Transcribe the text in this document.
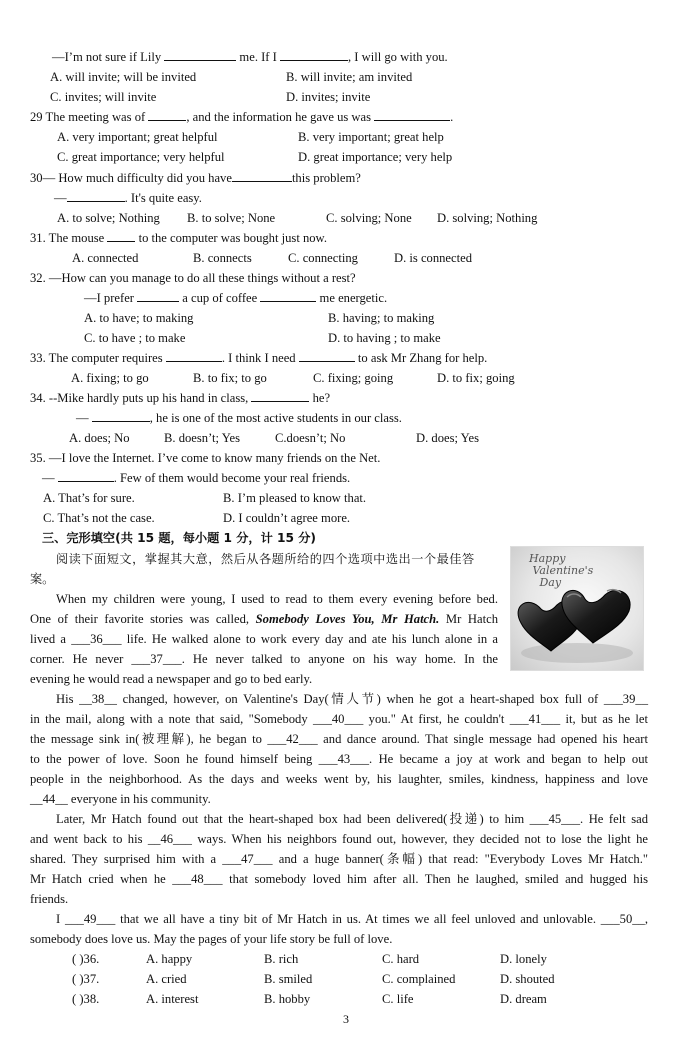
—I’m not sure if Lily	me. If I	, I will go with you.
A. will invite; will be invited	B. will invite; am invited
C. invites; will invite	D. invites; invite
29 The meeting was of	, and the information he gave us was	.
A. very important; great helpful	B. very important; great help
C. great importance; very helpful	D. great importance; very help
30— How much difficulty did you have	this problem?
—	. It's quite easy.
A. to solve; Nothing B. to solve; None	C. solving; None D. solving; Nothing
31. The mouse  to the computer was bought just now.
A. connected	B. connects	C. connecting	D. is connected
32. —How can you manage to do all these things without a rest?
—I prefer	a cup of coffee	me energetic.
A. to have; to making	B. having; to making
C. to have ; to make	D. to having ; to make
33. The computer requires	. I think I need	to ask Mr Zhang for help.
A. fixing; to go	B. to fix; to go	C. fixing; going	D. to fix; going
34. --Mike hardly puts up his hand in class,	he?
—	, he is one of the most active students in our class.
A. does; No	B. doesn’t; Yes	C.doesn’t; No	D. does; Yes
35. —I love the Internet. I’ve come to know many friends on the Net.
—	. Few of them would become your real friends.
A. That’s for sure.	B. I’m pleased to know that.
C. That’s not the case.	D. I couldn’t agree more.
三、完形填空(共 15 题，每小题 1 分，计 15 分)
阅读下面短文，掌握其大意，然后从各题所给的四个选项中选出一个最佳答
案。
Happy
Valentine's
Day
When my children were young, I used to read to them every evening before bed.
One of their favorite stories was called, Somebody Loves You, Mr Hatch. Mr Hatch
lived a ___36___ life. He walked alone to work every day and ate his lunch alone in a
corner. He never ___37___. He never talked to anyone on his way home. In the
evening he would read a newspaper and go to bed early.
His __38__ changed, however, on Valentine's Day(情人节) when he got a heart-shaped box full of ___39__
in the mail, along with a note that said, "Somebody ___40___ you." At first, he couldn't ___41___ it, but as he let
the message sink in(被理解), he began to ___42___ and dance around. That single message had opened his heart
to the power of love. Soon he found himself being ___43___. He became a joy at work and began to help out
people in the neighborhood. As the days and weeks went by, his laughter, smiles, kindness, happiness and love
__44__ everyone in his community.
Later, Mr Hatch found out that the heart-shaped box had been delivered(投递) to him ___45___. He felt sad
and went back to his __46___ ways. When his neighbors found out, however, they decided not to lose the light he
shared. They surprised him with a ___47___ and a huge banner(条幅) that read: "Everybody Loves Mr Hatch."
Mr Hatch cried when he ___48___ that somebody loved him after all. Then he laughed, smiled and hugged his
friends.
I ___49___ that we all have a tiny bit of Mr Hatch in us. At times we all feel unloved and unlovable. ___50__,
somebody does love us. May the pages of your life story be full of love.
( )36.	A. happy	B. rich	C. hard	D. lonely
( )37.	A. cried	B. smiled	C. complained	D. shouted
( )38.	A. interest	B. hobby	C. life	D. dream
3
